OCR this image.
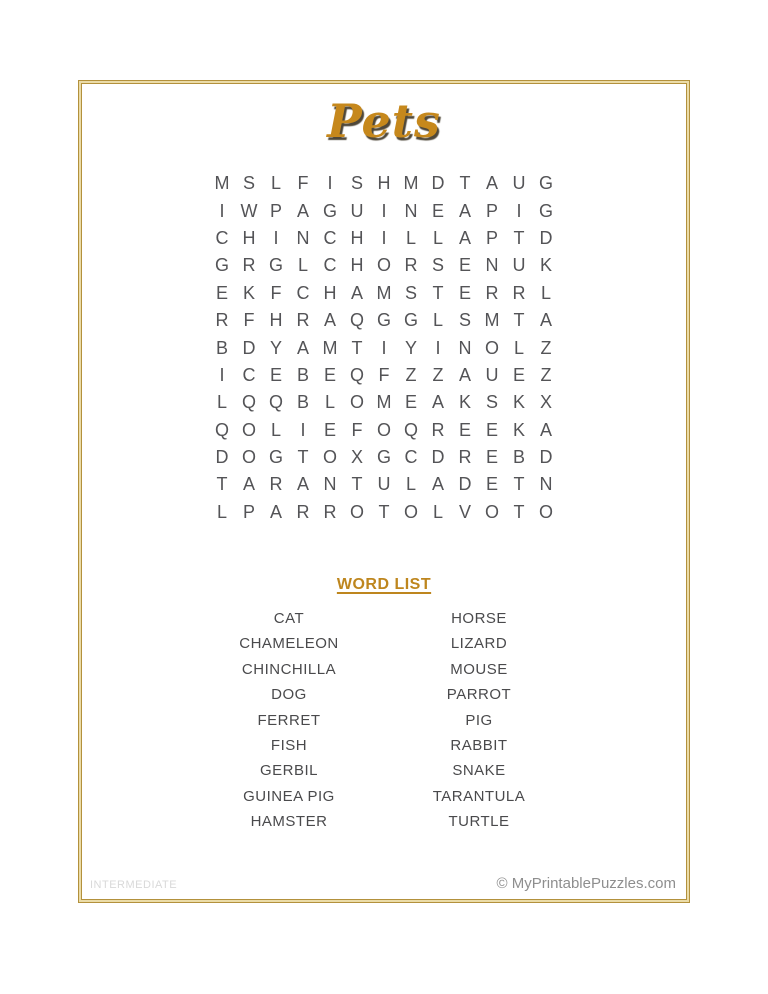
Pets
M S L F	I	S H M D T A U G
I W P A G U I	N E A P	I G
C H I	N C H I	L L A P T D
G R G L C H O R S E N U K
E K F C H A M S T E R R L
R F H R A Q G G L S M T A
B D Y A M T	I	Y	I	N O L Z
I	C E B E Q F Z Z A U E Z
L Q Q B L O M E A K S K X
Q O L	I	E F O Q R E E K A
D O G T O X G C D R E B D
T A R A N T U L A D E T N
L P A R R O T O L V O T O
WORD LIST
CAT
CHAMELEON
CHINCHILLA
DOG
FERRET
FISH
GERBIL
GUINEA PIG
HAMSTER
HORSE
LIZARD
MOUSE
PARROT
PIG
RABBIT
SNAKE
TARANTULA
TURTLE
INTERMEDIATE	© MyPrintablePuzzles.com
